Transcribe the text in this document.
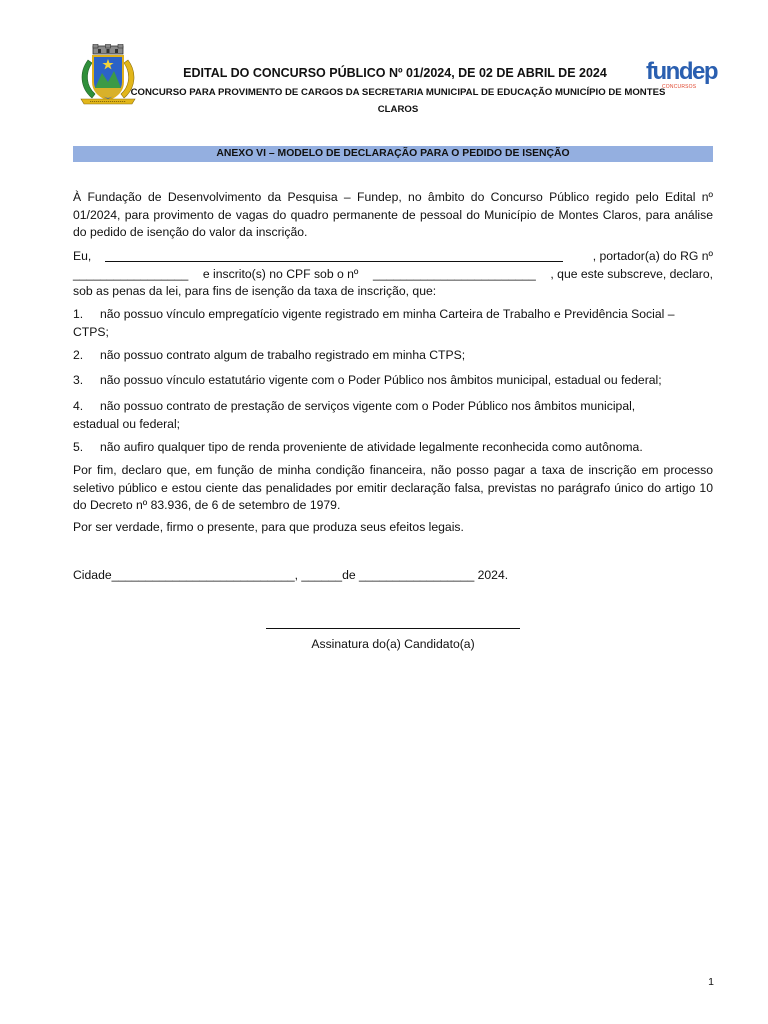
fundep
CONCURSOS
EDITAL DO CONCURSO PÚBLICO Nº 01/2024, DE 02 DE ABRIL DE 2024
CONCURSO PARA PROVIMENTO DE CARGOS DA SECRETARIA MUNICIPAL DE EDUCAÇÃO MUNICÍPIO DE MONTES
CLAROS
ANEXO VI – MODELO DE DECLARAÇÃO PARA O PEDIDO DE ISENÇÃO

À Fundação de Desenvolvimento da Pesquisa – Fundep, no âmbito do Concurso Público regido pelo Edital nº 01/2024, para provimento de vagas do quadro permanente de pessoal do Município de Montes Claros, para análise do pedido de isenção do valor da inscrição.

Eu,	, portador(a) do RG nº
_________________ e inscrito(s) no CPF sob o nº ________________________ , que este subscreve, declaro,
sob as penas da lei, para fins de isenção da taxa de inscrição, que:
1. não possuo vínculo empregatício vigente registrado em minha Carteira de Trabalho e Previdência Social –
CTPS;
2. não possuo contrato algum de trabalho registrado em minha CTPS;
3. não possuo vínculo estatutário vigente com o Poder Público nos âmbitos municipal, estadual ou federal;
4. não possuo contrato de prestação de serviços vigente com o Poder Público nos âmbitos municipal,
estadual ou federal;
5. não aufiro qualquer tipo de renda proveniente de atividade legalmente reconhecida como autônoma.

Por fim, declaro que, em função de minha condição financeira, não posso pagar a taxa de inscrição em processo seletivo público e estou ciente das penalidades por emitir declaração falsa, previstas no parágrafo único do artigo 10 do Decreto nº 83.936, de 6 de setembro de 1979.

Por ser verdade, firmo o presente, para que produza seus efeitos legais.

Cidade___________________________, ______de _________________ 2024.
Assinatura do(a) Candidato(a)
1
